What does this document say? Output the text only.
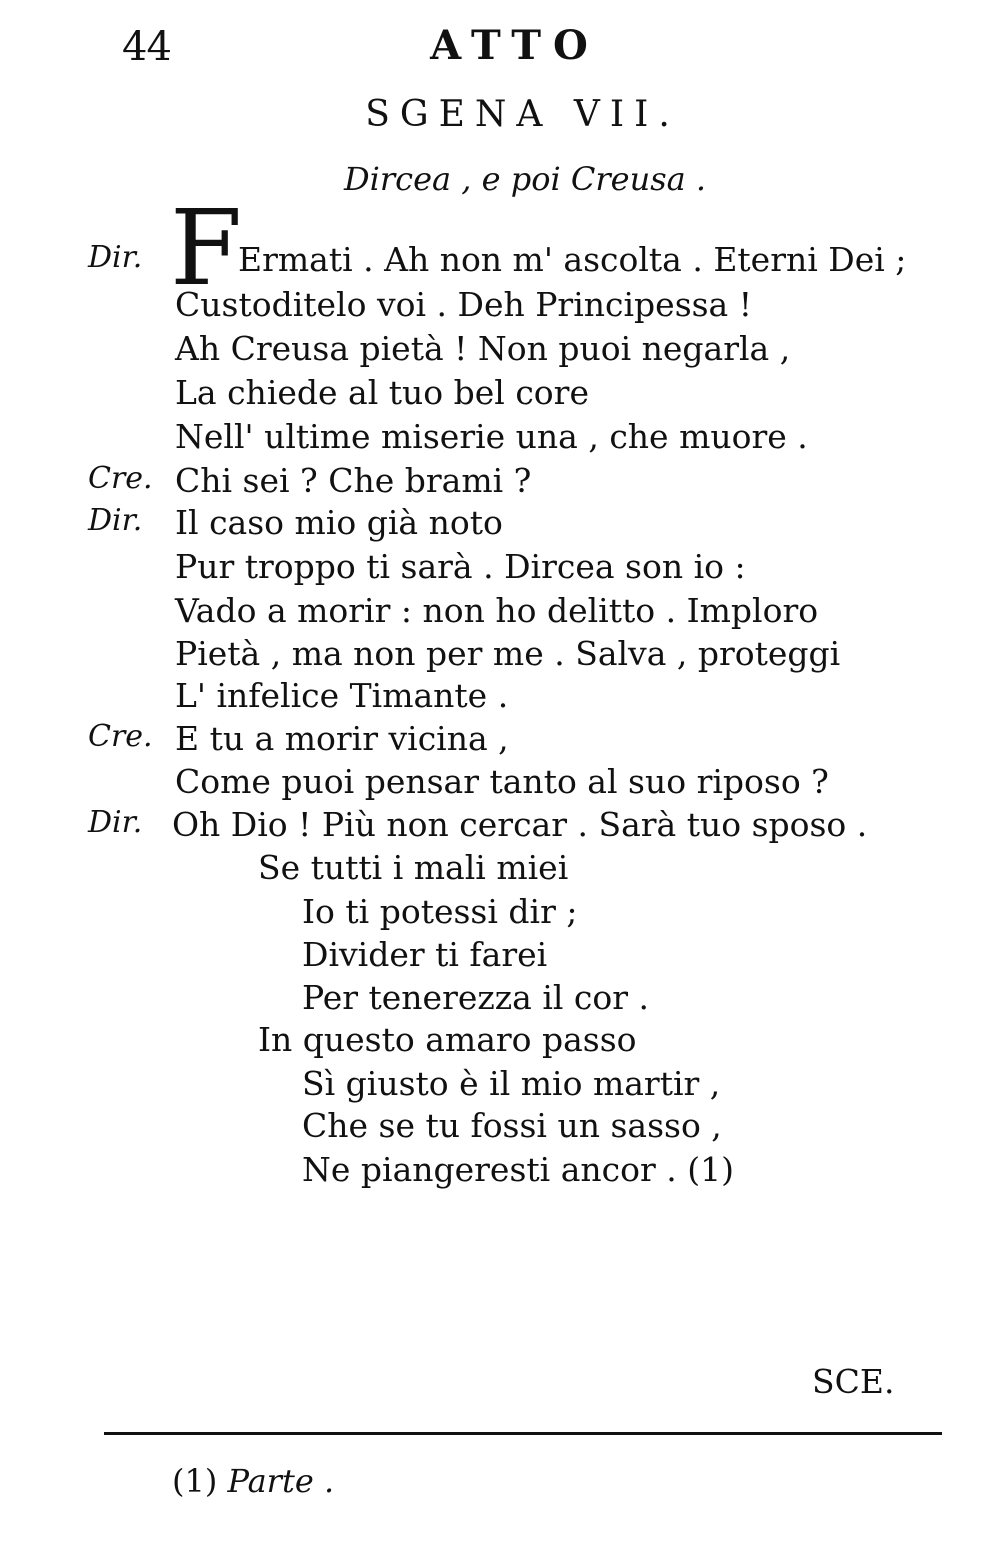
44	ATTO
SGENA VII.
Dircea , e poi Creusa .
F
Dir.	Ermati . Ah non m' ascolta . Eterni Dei ;
Custoditelo voi . Deh Principessa !
Ah Creusa pietà ! Non puoi negarla ,
La chiede al tuo bel core
Nell' ultime miserie una , che muore .
Cre. Chi sei ? Che brami ?
Dir. Il caso mio già noto
Pur troppo ti sarà . Dircea son io :
Vado a morir : non ho delitto . Imploro
Pietà , ma non per me . Salva , proteggi
L' infelice Timante .
Cre. E tu a morir vicina ,
Come puoi pensar tanto al suo riposo ?
Dir. Oh Dio ! Più non cercar . Sarà tuo sposo .
Se tutti i mali miei
Io ti potessi dir ;
Divider ti farei
Per tenerezza il cor .
In questo amaro passo
Sì giusto è il mio martir ,
Che se tu fossi un sasso ,
Ne piangeresti ancor . (1)
SCE.
(1) Parte .
